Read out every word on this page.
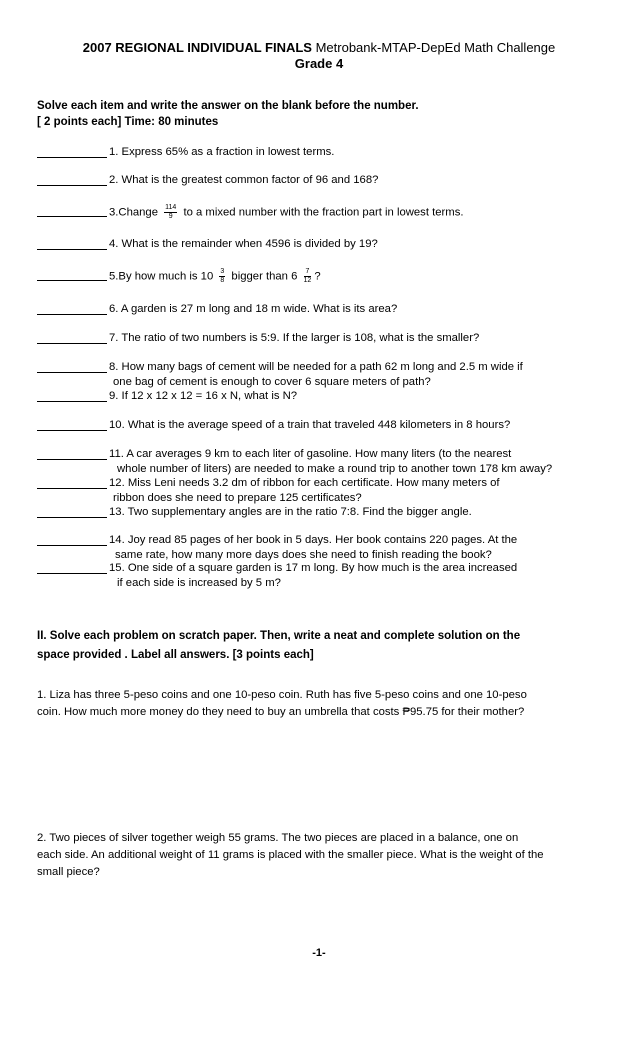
2007 REGIONAL INDIVIDUAL FINALS Metrobank-MTAP-DepEd Math Challenge
Grade 4
Solve each item and write the answer on the blank before the number.
[ 2 points each] Time: 80 minutes
1. Express 65% as a fraction in lowest terms.
2. What is the greatest common factor of 96 and 168?
3.Change $\frac{114}{9}$ to a mixed number with the fraction part in lowest terms.
4. What is the remainder when 4596 is divided by 19?
5.By how much is $10 \frac{3}{8}$ bigger than $6 \frac{7}{12}$ ?
6. A garden is 27 m long and 18 m wide. What is its area?
7. The ratio of two numbers is 5:9. If the larger is 108, what is the smaller?
8. How many bags of cement will be needed for a path 62 m long and 2.5 m wide if
one bag of cement is enough to cover 6 square meters of path?
9. If 12 x 12 x 12 = 16 x N, what is N?
10. What is the average speed of a train that traveled 448 kilometers in 8 hours?
11. A car averages 9 km to each liter of gasoline. How many liters (to the nearest
whole number of liters) are needed to make a round trip to another town 178 km away?
12. Miss Leni needs 3.2 dm of ribbon for each certificate. How many meters of
ribbon does she need to prepare 125 certificates?
13. Two supplementary angles are in the ratio 7:8. Find the bigger angle.
14. Joy read 85 pages of her book in 5 days. Her book contains 220 pages. At the
same rate, how many more days does she need to finish reading the book?
15. One side of a square garden is 17 m long. By how much is the area increased
if each side is increased by 5 m?
II. Solve each problem on scratch paper. Then, write a neat and complete solution on the
space provided . Label all answers. [3 points each]
1. Liza has three 5-peso coins and one 10-peso coin. Ruth has five 5-peso coins and one 10-peso
coin. How much more money do they need to buy an umbrella that costs ₱95.75 for their mother?
2. Two pieces of silver together weigh 55 grams. The two pieces are placed in a balance, one on
each side. An additional weight of 11 grams is placed with the smaller piece. What is the weight of the
small piece?
-1-
